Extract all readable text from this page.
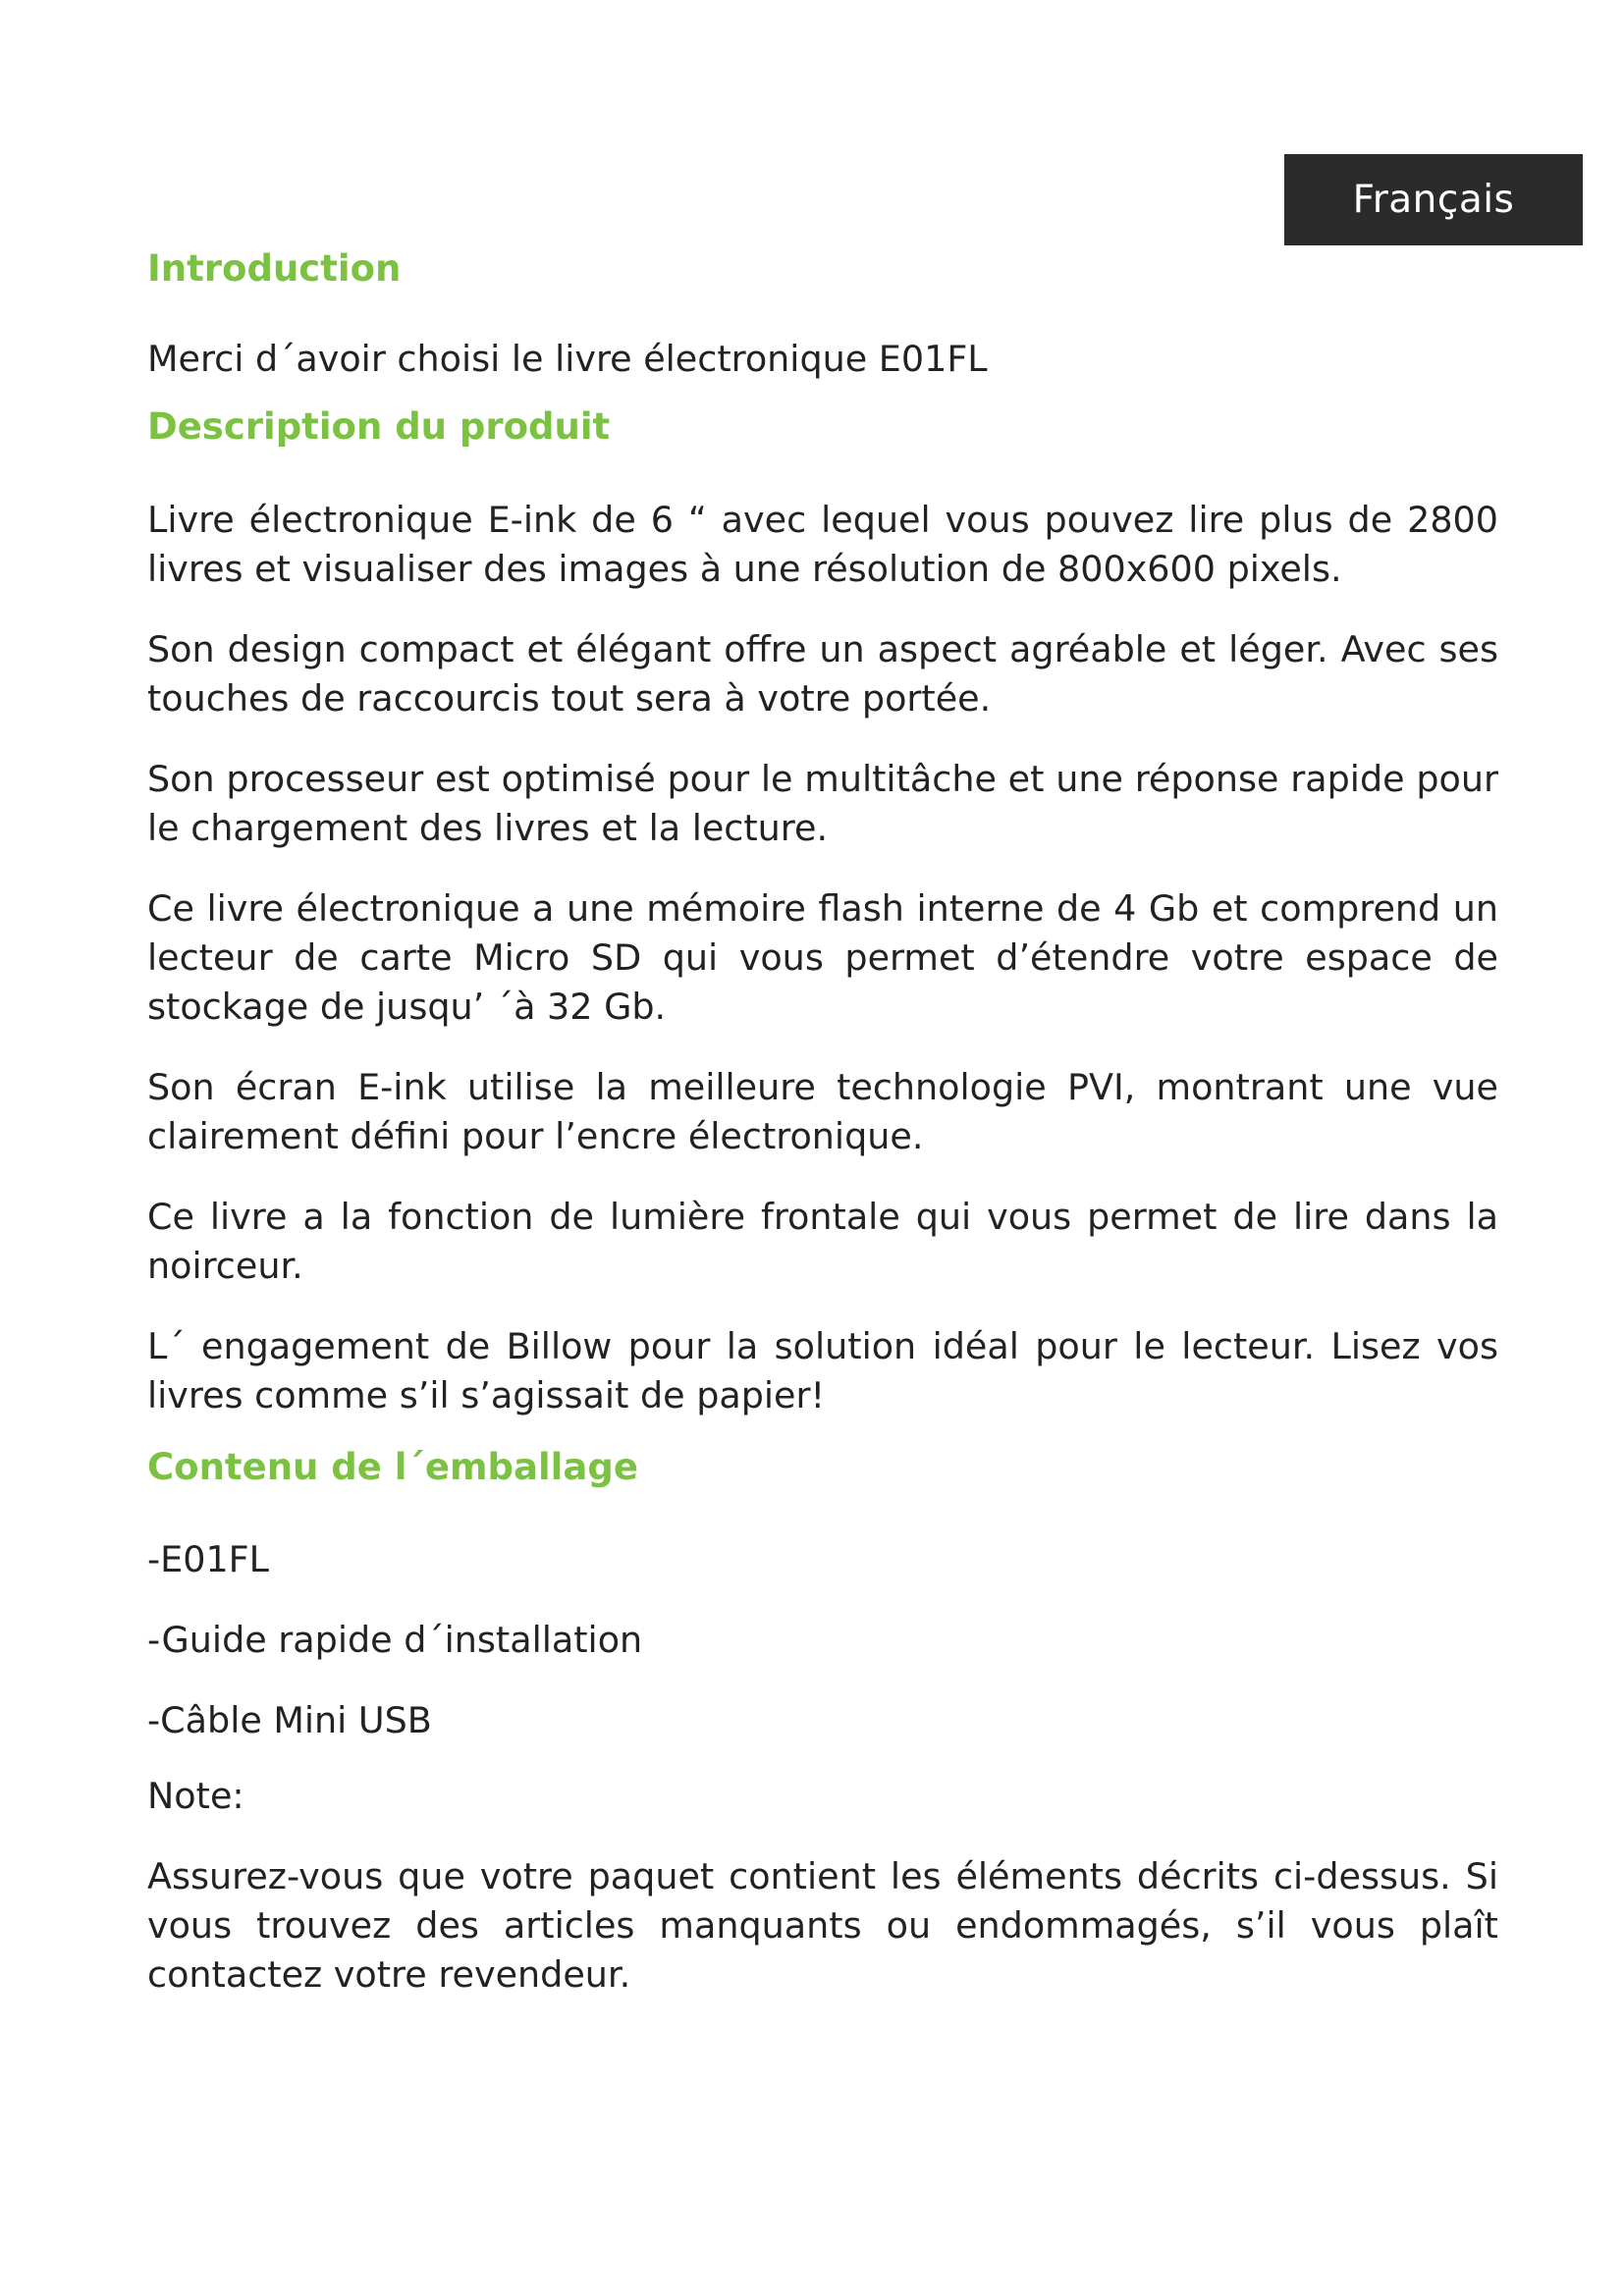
Français
Introduction

Merci d´avoir choisi le livre électronique E01FL

Description du produit

Livre électronique E-ink de 6 “ avec lequel vous pouvez lire plus de 2800 livres et visualiser des images à une résolution de 800x600 pixels.

Son design compact et élégant offre un aspect agréable et léger. Avec ses touches de raccourcis tout sera à votre portée.

Son processeur est optimisé pour le multitâche et une réponse rapide pour le chargement des livres et la lecture.

Ce livre électronique a une mémoire flash interne de 4 Gb et comprend un lecteur de carte Micro SD qui vous permet d’étendre votre espace de stockage de jusqu’ ´à 32 Gb.

Son écran E-ink utilise la meilleure technologie PVI, montrant une vue clairement défini pour l’encre électronique.

Ce livre a la fonction de lumière frontale qui vous permet de lire dans la noirceur.

L´ engagement de Billow pour la solution idéal pour le lecteur. Lisez vos livres comme s’il s’agissait de papier!

Contenu de l´emballage

-E01FL

-Guide rapide d´installation

-Câble Mini USB

Note:

Assurez-vous que votre paquet contient les éléments décrits ci-dessus. Si vous trouvez des articles manquants ou endommagés, s’il vous plaît contactez votre revendeur.
